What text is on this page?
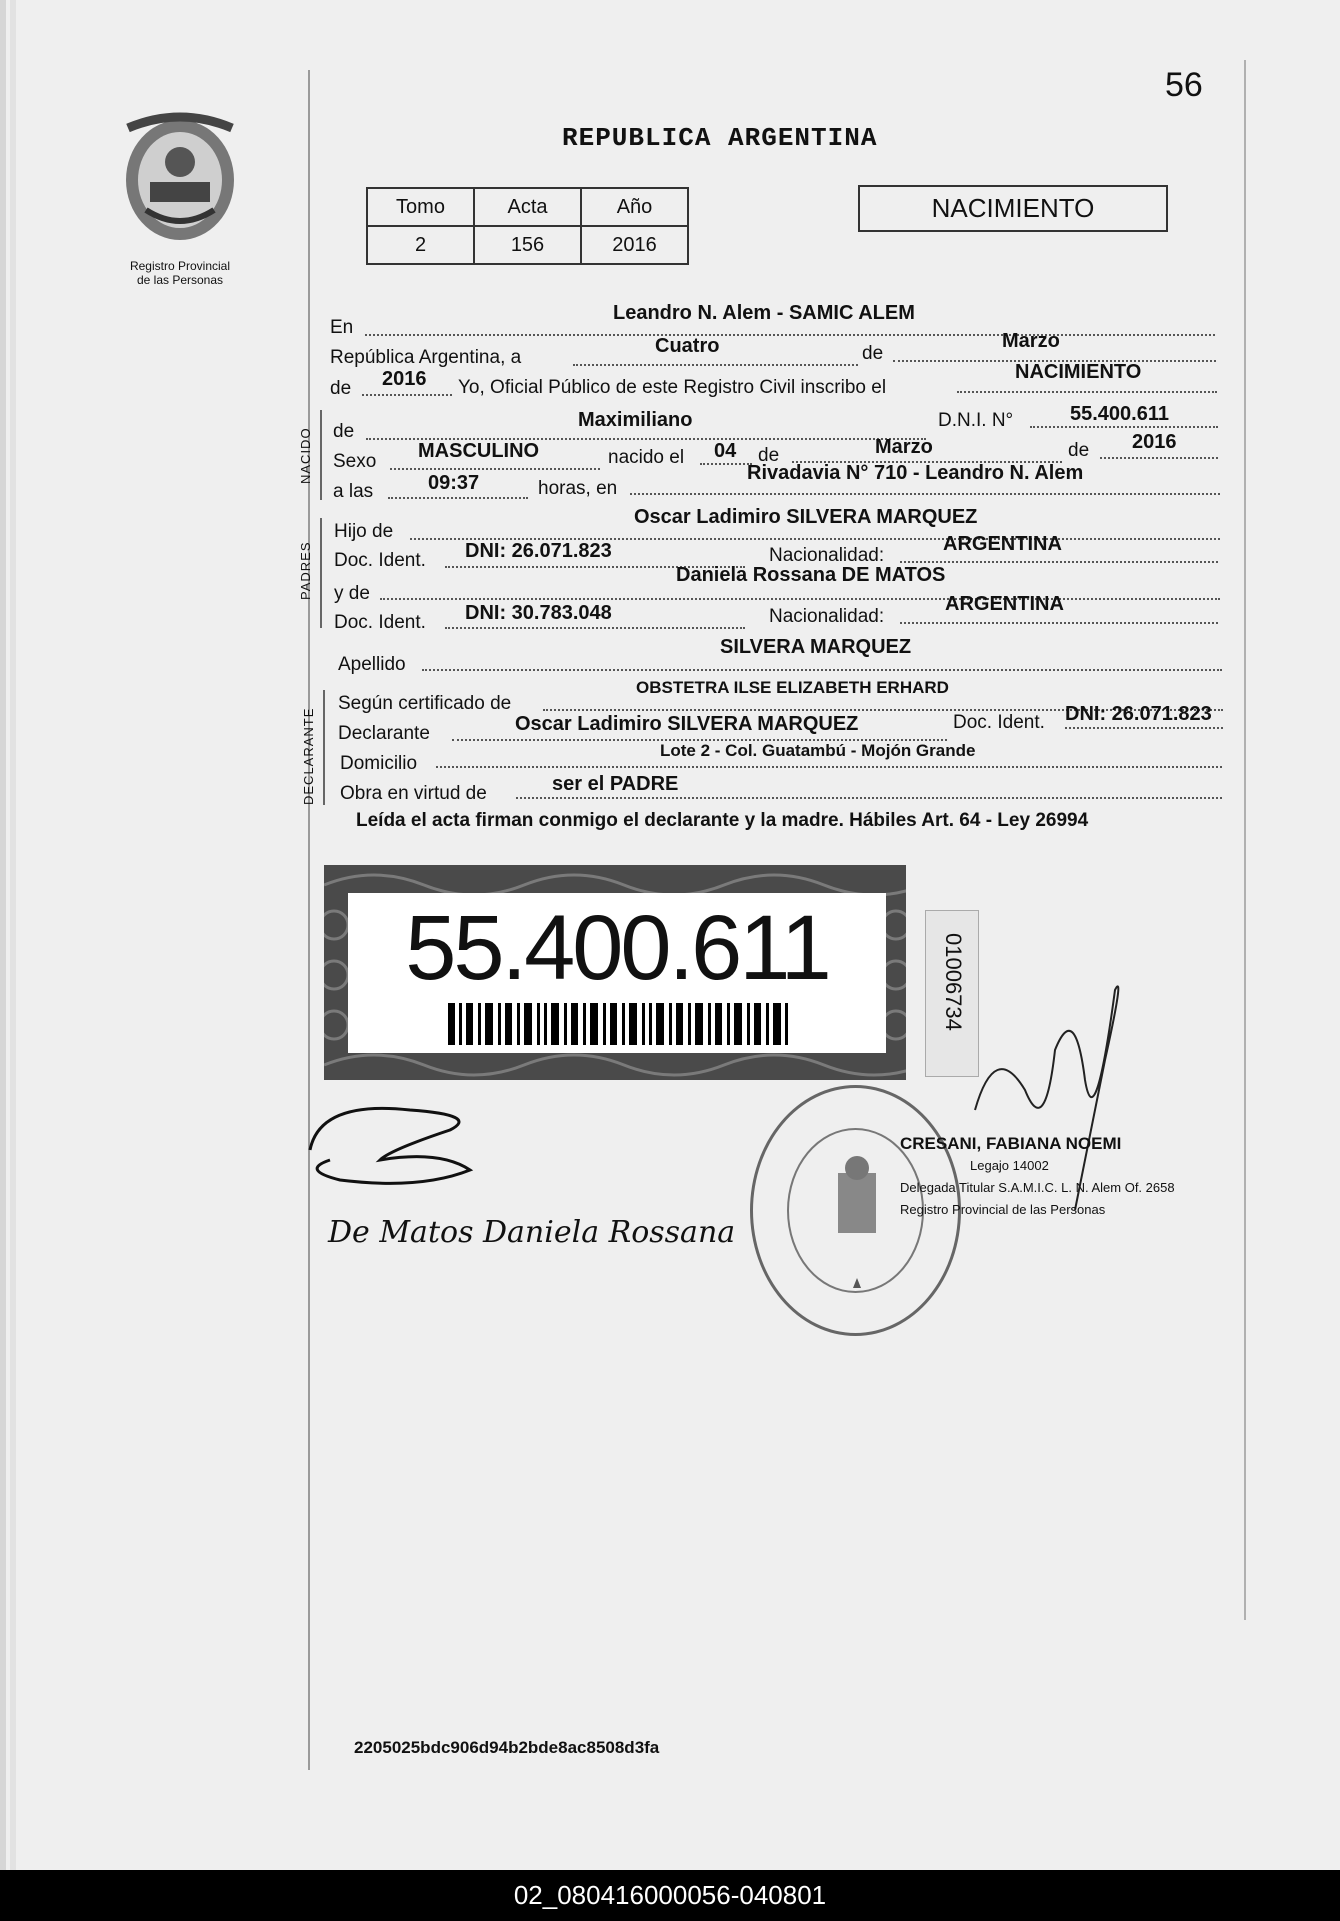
56
REPUBLICA ARGENTINA
Registro Provincial
de las Personas
Tomo	Acta	Año
2	156	2016
NACIMIENTO
En
Leandro N. Alem - SAMIC ALEM
República Argentina, a
Cuatro	de
Marzo
de 2016 Yo, Oficial Público de este Registro Civil inscribo el
NACIMIENTO
NACIDO de
Maximiliano	D.N.I. N°	55.400.611
Sexo MASCULINO	nacido el 04 de	Marzo	de 2016
a las	09:37	horas, en
Rivadavia N° 710 - Leandro N. Alem
PADRES
Hijo de
Oscar Ladimiro SILVERA MARQUEZ
Doc. Ident. DNI: 26.071.823	Nacionalidad:
ARGENTINA
y de
Daniela Rossana DE MATOS
Doc. Ident. DNI: 30.783.048	Nacionalidad:
ARGENTINA
Apellido
SILVERA MARQUEZ
DECLARANTE
Según certificado de
OBSTETRA ILSE ELIZABETH ERHARD
Declarante	Oscar Ladimiro SILVERA MARQUEZ	Doc. Ident. DNI: 26.071.823
Domicilio
Lote 2 - Col. Guatambú - Mojón Grande
Obra en virtud de	ser el PADRE
Leída el acta firman conmigo el declarante y la madre. Hábiles Art. 64 - Ley 26994
55.400.611	01006734
De Matos Daniela Rossana
CRESANI, FABIANA NOEMI
Legajo 14002
Delegada Titular S.A.M.I.C. L. N. Alem Of. 2658
Registro Provincial de las Personas
2205025bdc906d94b2bde8ac8508d3fa
02_080416000056-040801
